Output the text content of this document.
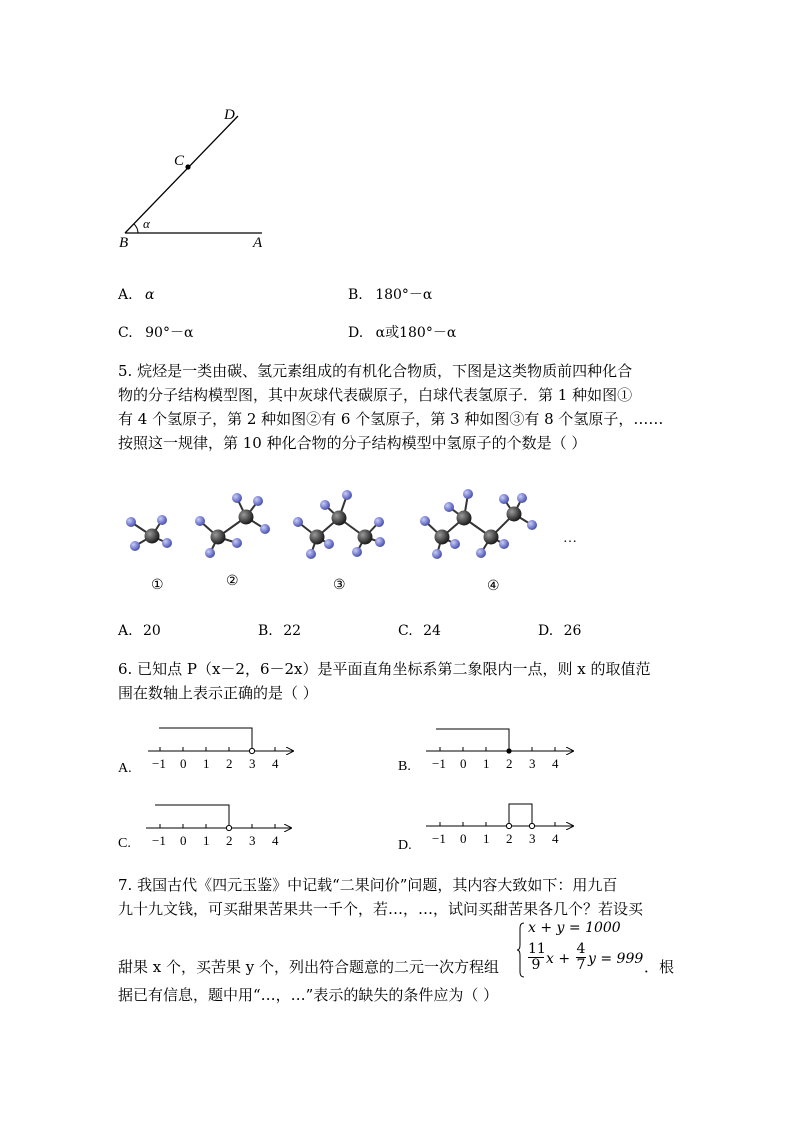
D
C
B	A
α
A. α	B. 180°－α
C. 90°－α	D. α或180°－α
5. 烷烃是一类由碳、氢元素组成的有机化合物质，下图是这类物质前四种化合
物的分子结构模型图，其中灰球代表碳原子，白球代表氢原子．第 1 种如图①
有 4 个氢原子，第 2 种如图②有 6 个氢原子，第 3 种如图③有 8 个氢原子，……
按照这一规律，第 10 种化合物的分子结构模型中氢原子的个数是（ ）
…
①	②	③	④
A. 20	B. 22	C. 24	D. 26
6. 已知点 P（x－2，6－2x）是平面直角坐标系第二象限内一点，则 x 的取值范
围在数轴上表示正确的是（ ）
A. −1 0 1 2 3 4	B. −1 0 1 2 3 4
C. −1 0 1 2 3 4	D. −1 0 1 2 3 4
7. 我国古代《四元玉鉴》中记载“二果问价”问题，其内容大致如下：用九百
九十九文钱，可买甜果苦果共一千个，若…，…，试问买甜苦果各几个？若设买
甜果 x 个，买苦果 y 个，列出符合题意的二元一次方程组
x + y = 1000
11
9 x +
4
7 y = 999 ．根
据已有信息，题中用“…，…”表示的缺失的条件应为（ ）
